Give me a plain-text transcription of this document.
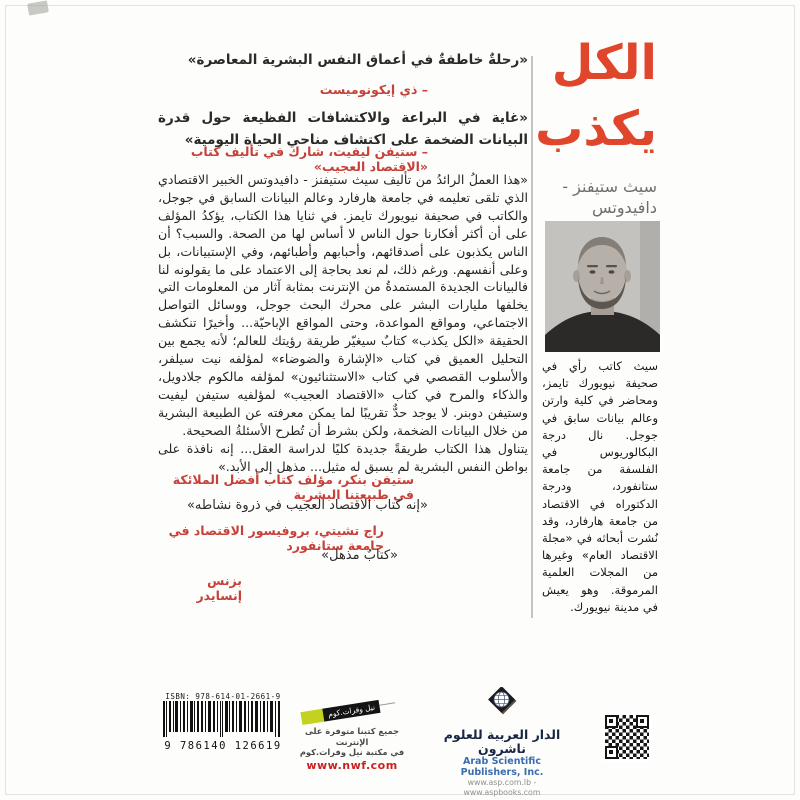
الكل
يكذب
سيث ستيفنز - دافيدوتس
سيث كاتب رأي في صحيفة نيويورك تايمز، ومحاضر في كلية وارتن وعالم بيانات سابق في جوجل. نال درجة البكالوريوس في الفلسفة من جامعة ستانفورد، ودرجة الدكتوراه في الاقتصاد من جامعة هارفارد، وقد نُشرت أبحاثه في «مجلة الاقتصاد العام» وغيرها من المجلات العلمية المرموقة. وهو يعيش في مدينة نيويورك.
«رحلةٌ خاطفةٌ في أعماق النفس البشرية المعاصرة»
– ذي إيكونوميست
«غاية في البراعة والاكتشافات الفظيعة حول قدرة البيانات الضخمة على اكتشاف مناحي الحياة اليومية»
– ستيفن ليفيت، شارك في تأليف كتاب «الاقتصاد العجيب»

«هذا العملُ الرائدُ من تأليف سيث ستيفنز - دافيدوتس الخبير الاقتصادي الذي تلقى تعليمه في جامعة هارفارد وعالم البيانات السابق في جوجل، والكاتب في صحيفة نيويورك تايمز. في ثنايا هذا الكتاب، يؤكدُ المؤلف على أن أكثر أفكارنا حول الناس لا أساس لها من الصحة. والسبب؟ أن الناس يكذبون على أصدقائهم، وأحبابهم وأطبائهم، وفي الإستبيانات، بل وعلى أنفسهم. ورغم ذلك، لم نعد بحاجة إلى الاعتماد على ما يقولونه لنا فالبيانات الجديدة المستمدةُ من الإنترنت بمثابة آثار من المعلومات التي يخلفها مليارات البشر على محرك البحث جوجل، ووسائل التواصل الاجتماعي، ومواقع المواعدة، وحتى المواقع الإباحيّة... وأخيرًا تنكشف الحقيقة «الكل يكذب» كتابٌ سيغيّر طريقة رؤيتك للعالم؛ لأنه يجمع بين التحليل العميق في كتاب «الإشارة والضوضاء» لمؤلفه نيت سيلفر، والأسلوب القصصي في كتاب «الاستثنائيون» لمؤلفه مالكوم جلادويل، والذكاء والمرح في كتاب «الاقتصاد العجيب» لمؤلفيه ستيفن ليفيت وستيفن دوبنر. لا يوجد حدٌّ تقريبًا لما يمكن معرفته عن الطبيعة البشرية من خلال البيانات الضخمة، ولكن بشرط أن تُطرح الأسئلةُ الصحيحة.

يتناول هذا الكتاب طريقةً جديدة كليًا لدراسة العقل... إنه نافذة على بواطن النفس البشرية لم يسبق له مثيل... مذهل إلى الأبد.»

ستيفن بنكر، مؤلف كتاب أفضل الملائكة في طبيعتنا البشرية
«إنه كتاب الاقتصاد العجيب في ذروة نشاطه»
راج تشيتي، بروفيسور الاقتصاد في جامعة ستانفورد
«كتابٌ مذهل»
بزنس إنسايدر
ISBN: 978-614-01-2661-9
9 786140 126619
نيل وفرات.كوم
جميع كتبنا متوفرة على الإنترنت
في مكتبة نيل وفرات.كوم
www.nwf.com
الدار العربية للعلوم ناشرون
Arab Scientific Publishers, Inc.
www.asp.com.lb - www.aspbooks.com
